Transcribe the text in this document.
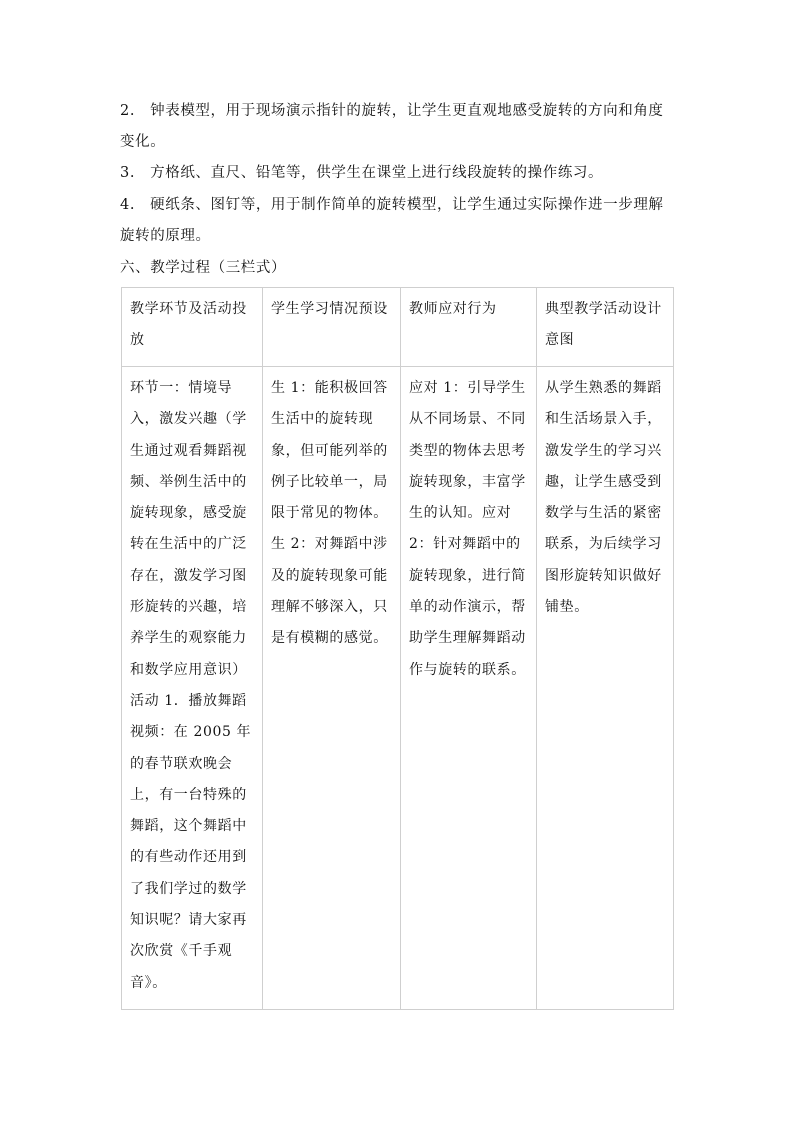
2.　钟表模型，用于现场演示指针的旋转，让学生更直观地感受旋转的方向和角度变化。
3.　方格纸、直尺、铅笔等，供学生在课堂上进行线段旋转的操作练习。
4.　硬纸条、图钉等，用于制作简单的旋转模型，让学生通过实际操作进一步理解旋转的原理。
六、教学过程（三栏式）
教学环节及活动投放	学生学习情况预设	教师应对行为	典型教学活动设计意图
环节一：情境导入，激发兴趣（学生通过观看舞蹈视频、举例生活中的旋转现象，感受旋转在生活中的广泛存在，激发学习图形旋转的兴趣，培养学生的观察能力和数学应用意识）活动 1．播放舞蹈视频：在 2005 年的春节联欢晚会上，有一台特殊的舞蹈，这个舞蹈中的有些动作还用到了我们学过的数学知识呢？请大家再次欣赏《千手观音》。	生 1：能积极回答生活中的旋转现象，但可能列举的例子比较单一，局限于常见的物体。生 2：对舞蹈中涉及的旋转现象可能理解不够深入，只是有模糊的感觉。	应对 1：引导学生从不同场景、不同类型的物体去思考旋转现象，丰富学生的认知。应对 2：针对舞蹈中的旋转现象，进行简单的动作演示，帮助学生理解舞蹈动作与旋转的联系。	从学生熟悉的舞蹈和生活场景入手，激发学生的学习兴趣，让学生感受到数学与生活的紧密联系，为后续学习图形旋转知识做好铺垫。
